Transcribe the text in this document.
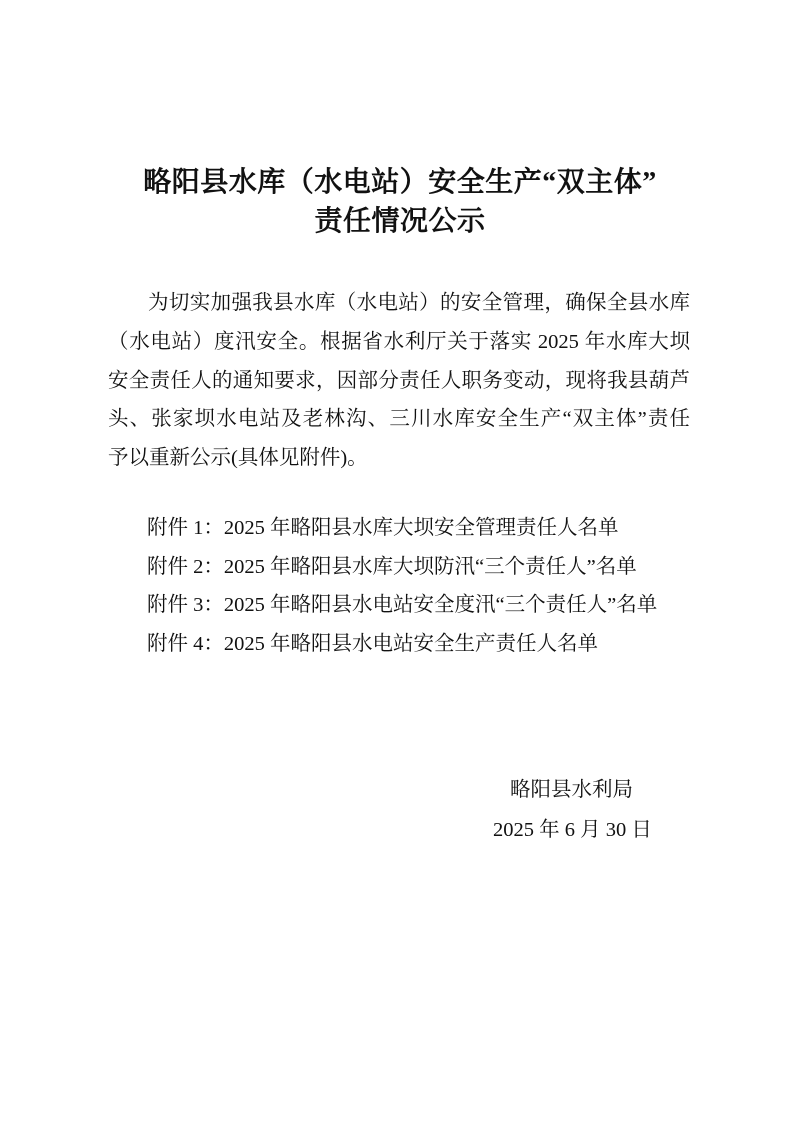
略阳县水库（水电站）安全生产“双主体”
责任情况公示
为切实加强我县水库（水电站）的安全管理，确保全县水库
（水电站）度汛安全。根据省水利厅关于落实 2025 年水库大坝
安全责任人的通知要求，因部分责任人职务变动，现将我县葫芦
头、张家坝水电站及老林沟、三川水库安全生产“双主体”责任
予以重新公示(具体见附件)。
附件 1：2025 年略阳县水库大坝安全管理责任人名单
附件 2：2025 年略阳县水库大坝防汛“三个责任人”名单
附件 3：2025 年略阳县水电站安全度汛“三个责任人”名单
附件 4：2025 年略阳县水电站安全生产责任人名单
略阳县水利局
2025 年 6 月 30 日
